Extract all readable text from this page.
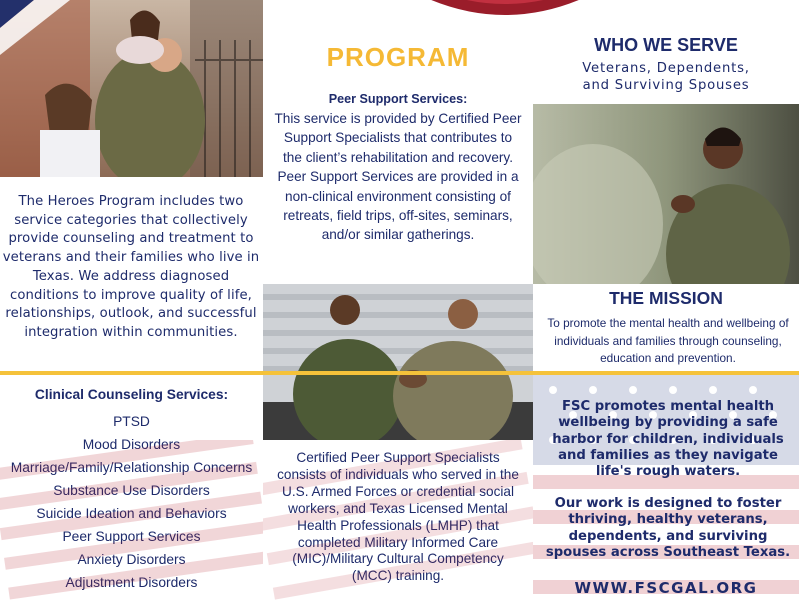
The Heroes Program includes two service categories that collectively provide counseling and treatment to veterans and their families who live in Texas. We address diagnosed conditions to improve quality of life, relationships, outlook, and successful integration within communities.
Clinical Counseling Services:
PTSD
Mood Disorders
Marriage/Family/Relationship Concerns
Substance Use Disorders
Suicide Ideation and Behaviors
Peer Support Services
Anxiety Disorders
Adjustment Disorders
PROGRAM
Peer Support Services:
This service is provided by Certified Peer Support Specialists that contributes to the client’s rehabilitation and recovery.
Peer Support Services are provided in a non-clinical environment consisting of retreats, field trips, off-sites, seminars, and/or similar gatherings.
Certified Peer Support Specialists consists of individuals who served in the U.S. Armed Forces or credential social workers, and Texas Licensed Mental Health Professionals (LMHP) that completed Military Informed Care (MIC)/Military Cultural Competency (MCC) training.
WHO WE SERVE
Veterans, Dependents,
and Surviving Spouses
THE MISSION
To promote the mental health and wellbeing of individuals and families through counseling, education and prevention.
FSC promotes mental health wellbeing by providing a safe harbor for children, individuals and families as they navigate life's rough waters.
Our work is designed to foster thriving, healthy veterans, dependents, and surviving spouses across Southeast Texas.
WWW.FSCGAL.ORG
